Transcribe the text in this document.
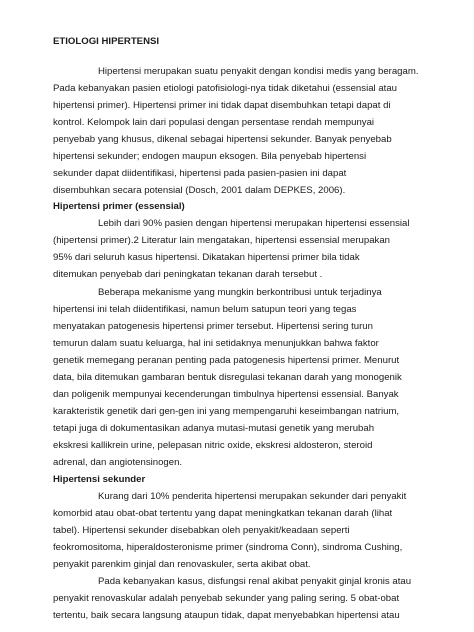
ETIOLOGI HIPERTENSI
Hipertensi merupakan suatu penyakit dengan kondisi medis yang beragam.
Pada kebanyakan pasien etiologi patofisiologi-nya tidak diketahui (essensial atau
hipertensi primer). Hipertensi primer ini tidak dapat disembuhkan tetapi dapat di
kontrol. Kelompok lain dari populasi dengan persentase rendah mempunyai
penyebab yang khusus, dikenal sebagai hipertensi sekunder. Banyak penyebab
hipertensi sekunder; endogen maupun eksogen. Bila penyebab hipertensi
sekunder dapat diidentifikasi, hipertensi pada pasien-pasien ini dapat
disembuhkan secara potensial (Dosch, 2001 dalam DEPKES, 2006).
Hipertensi primer (essensial)
Lebih dari 90% pasien dengan hipertensi merupakan hipertensi essensial
(hipertensi primer).2 Literatur lain mengatakan, hipertensi essensial merupakan
95% dari seluruh kasus hipertensi. Dikatakan hipertensi primer bila tidak
ditemukan penyebab dari peningkatan tekanan darah tersebut .
Beberapa mekanisme yang mungkin berkontribusi untuk terjadinya
hipertensi ini telah diidentifikasi, namun belum satupun teori yang tegas
menyatakan patogenesis hipertensi primer tersebut. Hipertensi sering turun
temurun dalam suatu keluarga, hal ini setidaknya menunjukkan bahwa faktor
genetik memegang peranan penting pada patogenesis hipertensi primer. Menurut
data, bila ditemukan gambaran bentuk disregulasi tekanan darah yang monogenik
dan poligenik mempunyai kecenderungan timbulnya hipertensi essensial. Banyak
karakteristik genetik dari gen-gen ini yang mempengaruhi keseimbangan natrium,
tetapi juga di dokumentasikan adanya mutasi-mutasi genetik yang merubah
ekskresi kallikrein urine, pelepasan nitric oxide, ekskresi aldosteron, steroid
adrenal, dan angiotensinogen.
Hipertensi sekunder
Kurang dari 10% penderita hipertensi merupakan sekunder dari penyakit
komorbid atau obat-obat tertentu yang dapat meningkatkan tekanan darah (lihat
tabel). Hipertensi sekunder disebabkan oleh penyakit/keadaan seperti
feokromositoma, hiperaldosteronisme primer (sindroma Conn), sindroma Cushing,
penyakit parenkim ginjal dan renovaskuler, serta akibat obat.
Pada kebanyakan kasus, disfungsi renal akibat penyakit ginjal kronis atau
penyakit renovaskular adalah penyebab sekunder yang paling sering. 5 obat-obat
tertentu, baik secara langsung ataupun tidak, dapat menyebabkan hipertensi atau
